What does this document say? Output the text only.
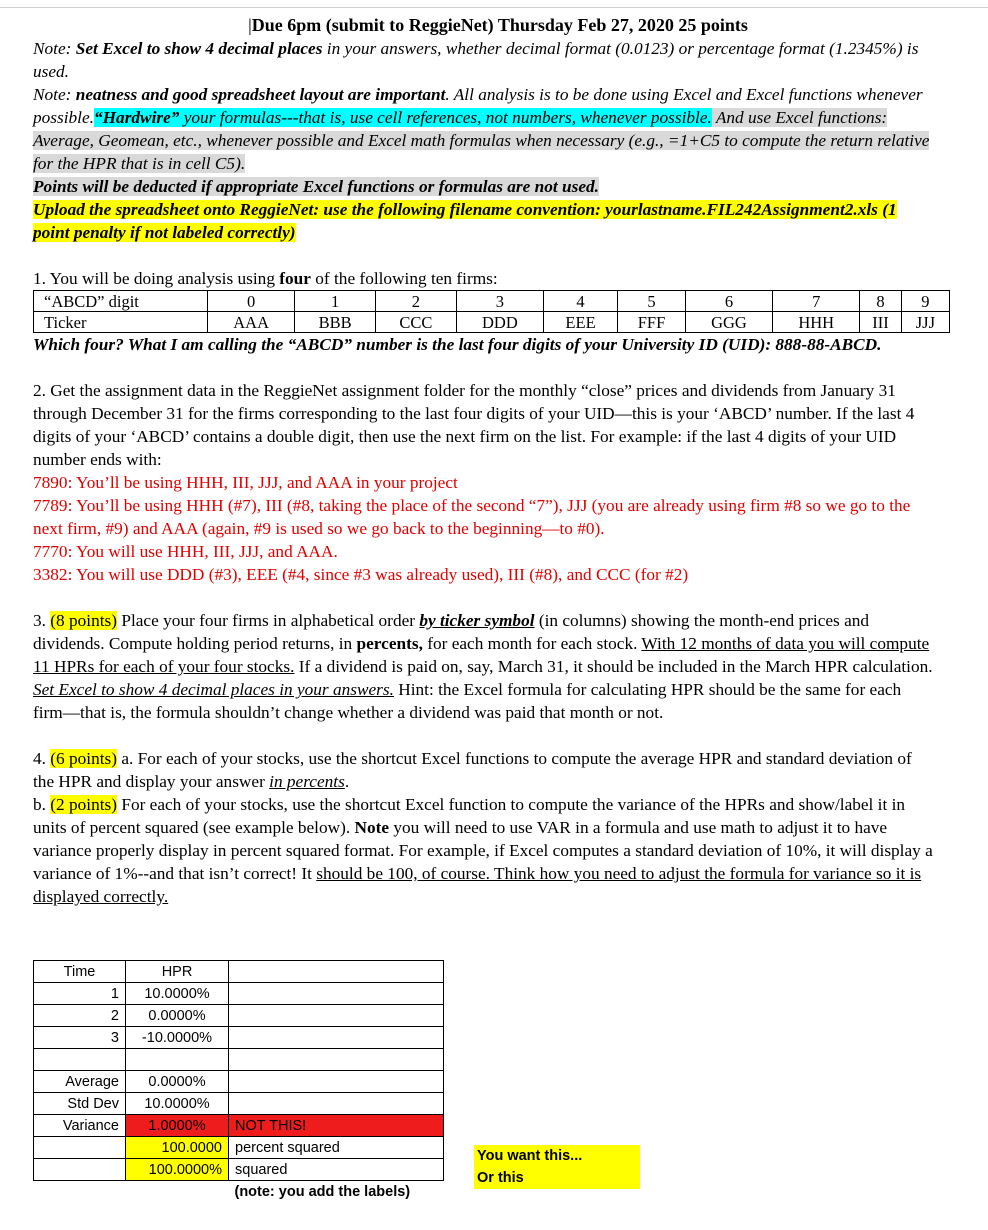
|Due 6pm (submit to ReggieNet) Thursday Feb 27, 2020 25 points

Note: Set Excel to show 4 decimal places in your answers, whether decimal format (0.0123) or percentage format (1.2345%) is used.

Note: neatness and good spreadsheet layout are important. All analysis is to be done using Excel and Excel functions whenever possible.“Hardwire” your formulas---that is, use cell references, not numbers, whenever possible. And use Excel functions: Average, Geomean, etc., whenever possible and Excel math formulas when necessary (e.g., =1+C5 to compute the return relative for the HPR that is in cell C5).

Points will be deducted if appropriate Excel functions or formulas are not used.

Upload the spreadsheet onto ReggieNet: use the following filename convention: yourlastname.FIL242Assignment2.xls (1 point penalty if not labeled correctly)

1. You will be doing analysis using four of the following ten firms:

“ABCD” digit	0	1	2	3	4	5	6	7	8	9
Ticker	AAA	BBB	CCC	DDD	EEE	FFF	GGG	HHH	III	JJJ

Which four? What I am calling the “ABCD” number is the last four digits of your University ID (UID): 888-88-ABCD.

2. Get the assignment data in the ReggieNet assignment folder for the monthly “close” prices and dividends from January 31 through December 31 for the firms corresponding to the last four digits of your UID—this is your ‘ABCD’ number. If the last 4 digits of your ‘ABCD’ contains a double digit, then use the next firm on the list. For example: if the last 4 digits of your UID number ends with:

7890: You’ll be using HHH, III, JJJ, and AAA in your project

7789: You’ll be using HHH (#7), III (#8, taking the place of the second “7”), JJJ (you are already using firm #8 so we go to the next firm, #9) and AAA (again, #9 is used so we go back to the beginning—to #0).

7770: You will use HHH, III, JJJ, and AAA.

3382: You will use DDD (#3), EEE (#4, since #3 was already used), III (#8), and CCC (for #2)

3. (8 points) Place your four firms in alphabetical order by ticker symbol (in columns) showing the month-end prices and dividends. Compute holding period returns, in percents, for each month for each stock. With 12 months of data you will compute 11 HPRs for each of your four stocks. If a dividend is paid on, say, March 31, it should be included in the March HPR calculation. Set Excel to show 4 decimal places in your answers. Hint: the Excel formula for calculating HPR should be the same for each firm—that is, the formula shouldn’t change whether a dividend was paid that month or not.

4. (6 points) a. For each of your stocks, use the shortcut Excel functions to compute the average HPR and standard deviation of the HPR and display your answer in percents.

b. (2 points) For each of your stocks, use the shortcut Excel function to compute the variance of the HPRs and show/label it in units of percent squared (see example below). Note you will need to use VAR in a formula and use math to adjust it to have variance properly display in percent squared format. For example, if Excel computes a standard deviation of 10%, it will display a variance of 1%--and that isn’t correct! It should be 100, of course. Think how you need to adjust the formula for variance so it is displayed correctly.

Time	HPR	
1	10.0000%	
2	0.0000%	
3	-10.0000%	

Average	0.0000%	
Std Dev	10.0000%	
Variance	1.0000%	NOT THIS!
	100.0000	percent squared
	100.0000%	squared
		(note: you add the labels)
You want this...
Or this
